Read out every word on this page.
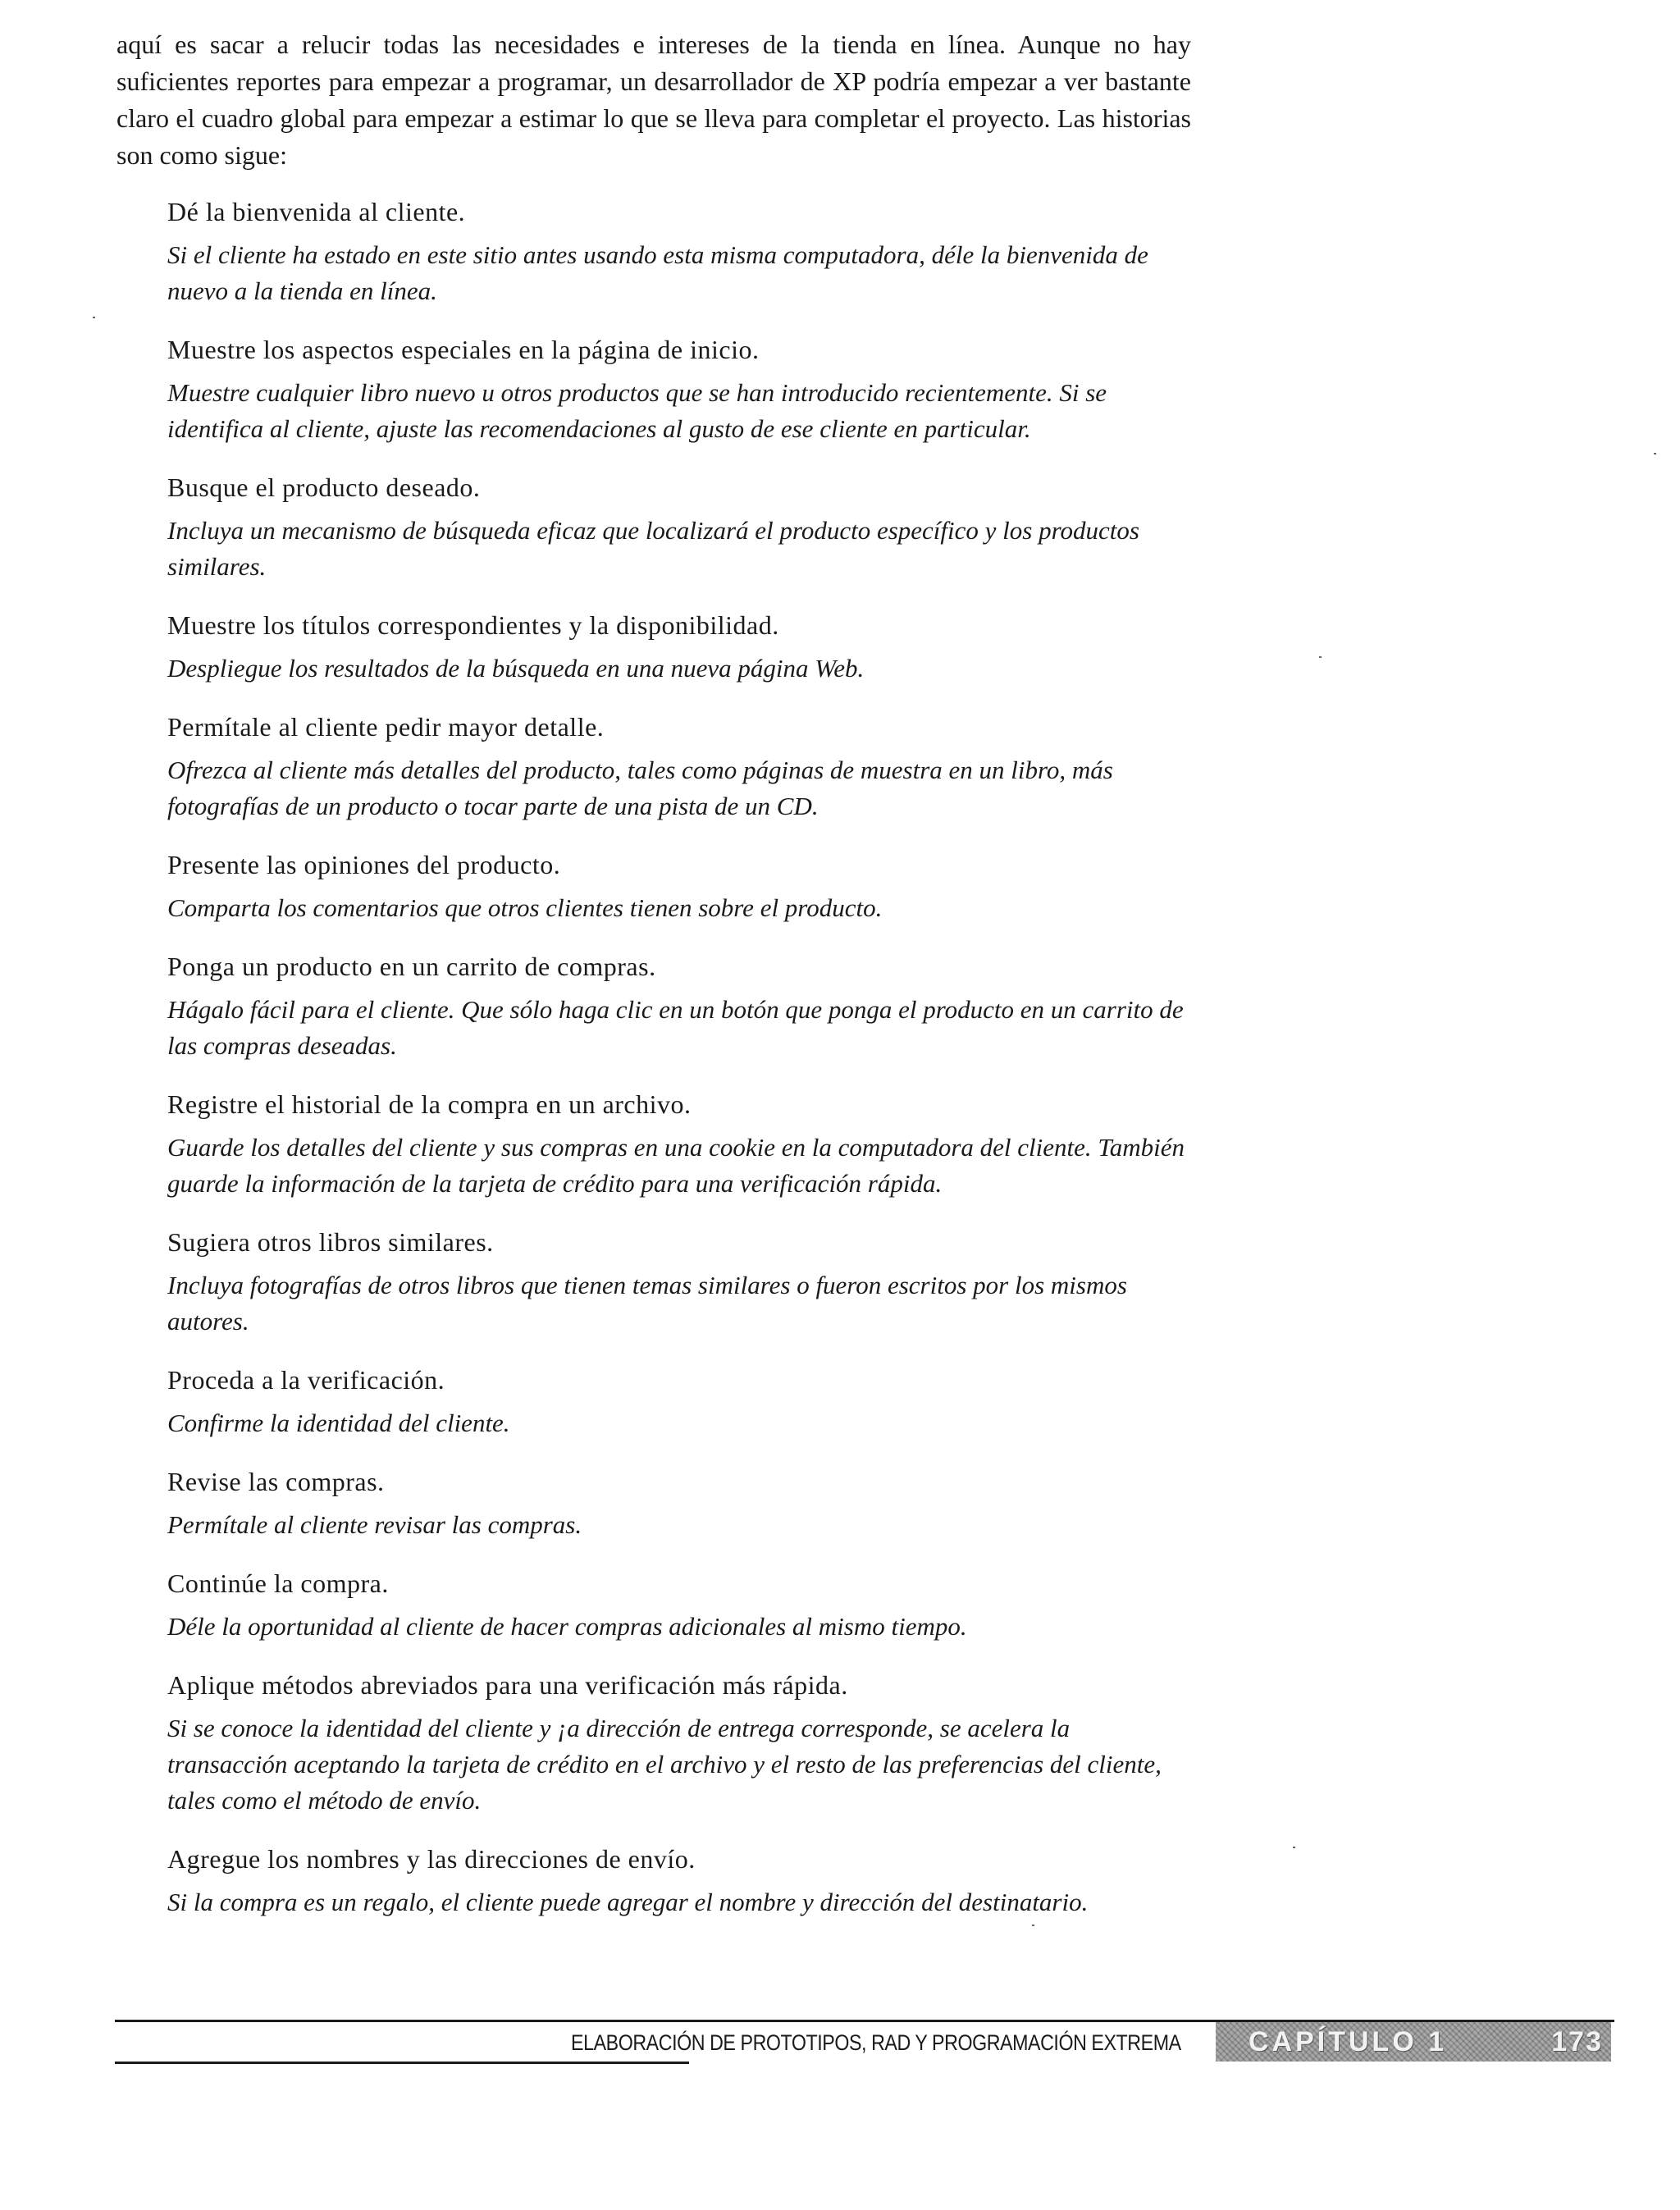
aquí es sacar a relucir todas las necesidades e intereses de la tienda en línea. Aunque no hay suficientes reportes para empezar a programar, un desarrollador de XP podría empezar a ver bastante claro el cuadro global para empezar a estimar lo que se lleva para completar el proyecto. Las historias son como sigue:

Dé la bienvenida al cliente.

Si el cliente ha estado en este sitio antes usando esta misma computadora, déle la bienvenida de nuevo a la tienda en línea.

Muestre los aspectos especiales en la página de inicio.

Muestre cualquier libro nuevo u otros productos que se han introducido recientemente. Si se identifica al cliente, ajuste las recomendaciones al gusto de ese cliente en particular.

Busque el producto deseado.

Incluya un mecanismo de búsqueda eficaz que localizará el producto específico y los productos similares.

Muestre los títulos correspondientes y la disponibilidad.

Despliegue los resultados de la búsqueda en una nueva página Web.

Permítale al cliente pedir mayor detalle.

Ofrezca al cliente más detalles del producto, tales como páginas de muestra en un libro, más fotografías de un producto o tocar parte de una pista de un CD.

Presente las opiniones del producto.

Comparta los comentarios que otros clientes tienen sobre el producto.

Ponga un producto en un carrito de compras.

Hágalo fácil para el cliente. Que sólo haga clic en un botón que ponga el producto en un carrito de las compras deseadas.

Registre el historial de la compra en un archivo.

Guarde los detalles del cliente y sus compras en una cookie en la computadora del cliente. También guarde la información de la tarjeta de crédito para una verificación rápida.

Sugiera otros libros similares.

Incluya fotografías de otros libros que tienen temas similares o fueron escritos por los mismos autores.

Proceda a la verificación.

Confirme la identidad del cliente.

Revise las compras.

Permítale al cliente revisar las compras.

Continúe la compra.

Déle la oportunidad al cliente de hacer compras adicionales al mismo tiempo.

Aplique métodos abreviados para una verificación más rápida.

Si se conoce la identidad del cliente y ¡a dirección de entrega corresponde, se acelera la transacción aceptando la tarjeta de crédito en el archivo y el resto de las preferencias del cliente, tales como el método de envío.

Agregue los nombres y las direcciones de envío.

Si la compra es un regalo, el cliente puede agregar el nombre y dirección del destinatario.

ELABORACIÓN DE PROTOTIPOS, RAD Y PROGRAMACIÓN EXTREMA CAPÍTULO 1	173
